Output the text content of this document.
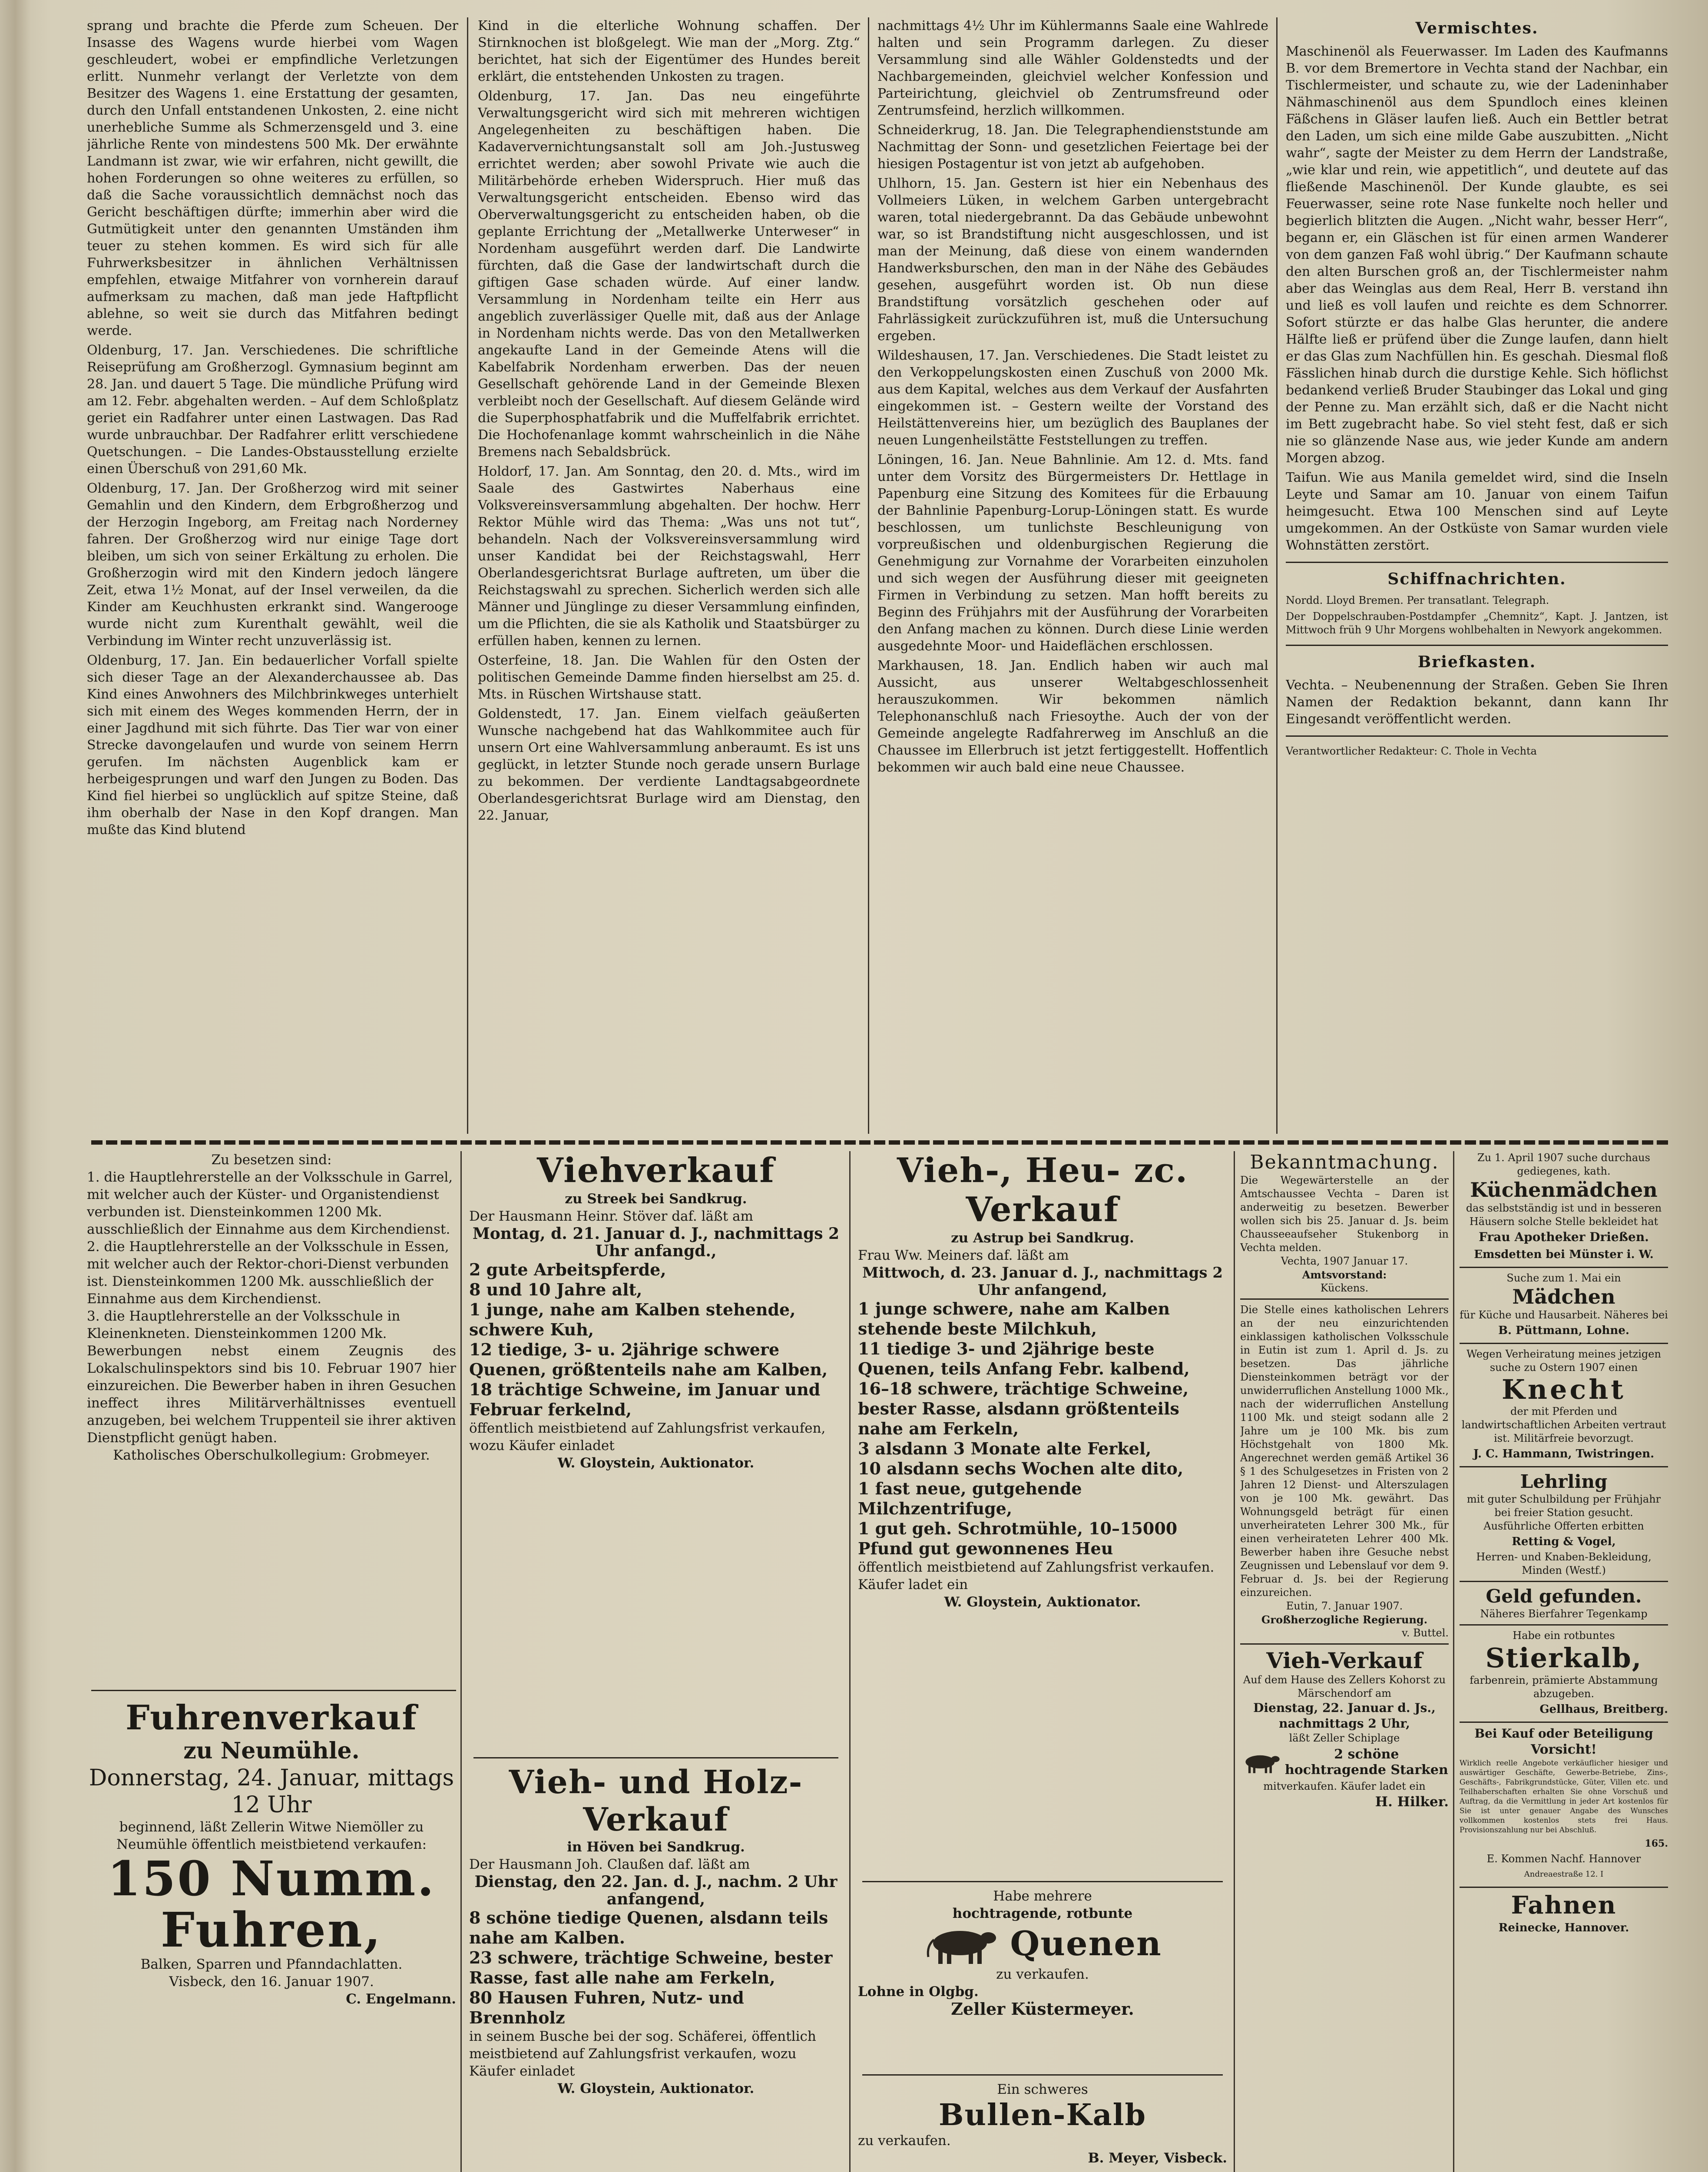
sprang und brachte die Pferde zum Scheuen. Der Insasse des Wagens wurde hierbei vom Wagen geschleudert, wobei er empfindliche Verletzungen erlitt. Nunmehr verlangt der Verletzte von dem Besitzer des Wagens 1. eine Erstattung der gesamten, durch den Unfall entstandenen Unkosten, 2. eine nicht unerhebliche Summe als Schmerzensgeld und 3. eine jährliche Rente von mindestens 500 Mk. Der erwähnte Landmann ist zwar, wie wir erfahren, nicht gewillt, die hohen Forderungen so ohne weiteres zu erfüllen, so daß die Sache voraussichtlich demnächst noch das Gericht beschäftigen dürfte; immerhin aber wird die Gutmütigkeit unter den genannten Umständen ihm teuer zu stehen kommen. Es wird sich für alle Fuhrwerksbesitzer in ähnlichen Verhältnissen empfehlen, etwaige Mitfahrer von vornherein darauf aufmerksam zu machen, daß man jede Haftpflicht ablehne, so weit sie durch das Mitfahren bedingt werde.

Oldenburg, 17. Jan. Verschiedenes. Die schriftliche Reiseprüfung am Großherzogl. Gymnasium beginnt am 28. Jan. und dauert 5 Tage. Die mündliche Prüfung wird am 12. Febr. abgehalten werden. – Auf dem Schloßplatz geriet ein Radfahrer unter einen Lastwagen. Das Rad wurde unbrauchbar. Der Radfahrer erlitt verschiedene Quetschungen. – Die Landes-Obstausstellung erzielte einen Überschuß von 291,60 Mk.

Oldenburg, 17. Jan. Der Großherzog wird mit seiner Gemahlin und den Kindern, dem Erbgroßherzog und der Herzogin Ingeborg, am Freitag nach Norderney fahren. Der Großherzog wird nur einige Tage dort bleiben, um sich von seiner Erkältung zu erholen. Die Großherzogin wird mit den Kindern jedoch längere Zeit, etwa 1½ Monat, auf der Insel verweilen, da die Kinder am Keuchhusten erkrankt sind. Wangerooge wurde nicht zum Kurenthalt gewählt, weil die Verbindung im Winter recht unzuverlässig ist.

Oldenburg, 17. Jan. Ein bedauerlicher Vorfall spielte sich dieser Tage an der Alexanderchaussee ab. Das Kind eines Anwohners des Milchbrinkweges unterhielt sich mit einem des Weges kommenden Herrn, der in einer Jagdhund mit sich führte. Das Tier war von einer Strecke davongelaufen und wurde von seinem Herrn gerufen. Im nächsten Augenblick kam er herbeigesprungen und warf den Jungen zu Boden. Das Kind fiel hierbei so unglücklich auf spitze Steine, daß ihm oberhalb der Nase in den Kopf drangen. Man mußte das Kind blutend

Kind in die elterliche Wohnung schaffen. Der Stirnknochen ist bloßgelegt. Wie man der „Morg. Ztg.“ berichtet, hat sich der Eigentümer des Hundes bereit erklärt, die entstehenden Unkosten zu tragen.

Oldenburg, 17. Jan. Das neu eingeführte Verwaltungsgericht wird sich mit mehreren wichtigen Angelegenheiten zu beschäftigen haben. Die Kadaververnichtungsanstalt soll am Joh.-Justusweg errichtet werden; aber sowohl Private wie auch die Militärbehörde erheben Widerspruch. Hier muß das Verwaltungsgericht entscheiden. Ebenso wird das Oberverwaltungsgericht zu entscheiden haben, ob die geplante Errichtung der „Metallwerke Unterweser“ in Nordenham ausgeführt werden darf. Die Landwirte fürchten, daß die Gase der landwirtschaft durch die giftigen Gase schaden würde. Auf einer landw. Versammlung in Nordenham teilte ein Herr aus angeblich zuverlässiger Quelle mit, daß aus der Anlage in Nordenham nichts werde. Das von den Metallwerken angekaufte Land in der Gemeinde Atens will die Kabelfabrik Nordenham erwerben. Das der neuen Gesellschaft gehörende Land in der Gemeinde Blexen verbleibt noch der Gesellschaft. Auf diesem Gelände wird die Superphosphatfabrik und die Muffelfabrik errichtet. Die Hochofenanlage kommt wahrscheinlich in die Nähe Bremens nach Sebaldsbrück.

Holdorf, 17. Jan. Am Sonntag, den 20. d. Mts., wird im Saale des Gastwirtes Naberhaus eine Volksvereinsversammlung abgehalten. Der hochw. Herr Rektor Mühle wird das Thema: „Was uns not tut“, behandeln. Nach der Volksvereinsversammlung wird unser Kandidat bei der Reichstagswahl, Herr Oberlandesgerichtsrat Burlage auftreten, um über die Reichstagswahl zu sprechen. Sicherlich werden sich alle Männer und Jünglinge zu dieser Versammlung einfinden, um die Pflichten, die sie als Katholik und Staatsbürger zu erfüllen haben, kennen zu lernen.

Osterfeine, 18. Jan. Die Wahlen für den Osten der politischen Gemeinde Damme finden hierselbst am 25. d. Mts. in Rüschen Wirtshause statt.

Goldenstedt, 17. Jan. Einem vielfach geäußerten Wunsche nachgebend hat das Wahlkommitee auch für unsern Ort eine Wahlversammlung anberaumt. Es ist uns geglückt, in letzter Stunde noch gerade unsern Burlage zu bekommen. Der verdiente Landtagsabgeordnete Oberlandesgerichtsrat Burlage wird am Dienstag, den 22. Januar,

nachmittags 4½ Uhr im Kühlermanns Saale eine Wahlrede halten und sein Programm darlegen. Zu dieser Versammlung sind alle Wähler Goldenstedts und der Nachbargemeinden, gleichviel welcher Konfession und Parteirichtung, gleichviel ob Zentrumsfreund oder Zentrumsfeind, herzlich willkommen.

Schneiderkrug, 18. Jan. Die Telegraphendienststunde am Nachmittag der Sonn- und gesetzlichen Feiertage bei der hiesigen Postagentur ist von jetzt ab aufgehoben.

Uhlhorn, 15. Jan. Gestern ist hier ein Nebenhaus des Vollmeiers Lüken, in welchem Garben untergebracht waren, total niedergebrannt. Da das Gebäude unbewohnt war, so ist Brandstiftung nicht ausgeschlossen, und ist man der Meinung, daß diese von einem wandernden Handwerksburschen, den man in der Nähe des Gebäudes gesehen, ausgeführt worden ist. Ob nun diese Brandstiftung vorsätzlich geschehen oder auf Fahrlässigkeit zurückzuführen ist, muß die Untersuchung ergeben.

Wildeshausen, 17. Jan. Verschiedenes. Die Stadt leistet zu den Verkoppelungskosten einen Zuschuß von 2000 Mk. aus dem Kapital, welches aus dem Verkauf der Ausfahrten eingekommen ist. – Gestern weilte der Vorstand des Heilstättenvereins hier, um bezüglich des Bauplanes der neuen Lungenheilstätte Feststellungen zu treffen.

Löningen, 16. Jan. Neue Bahnlinie. Am 12. d. Mts. fand unter dem Vorsitz des Bürgermeisters Dr. Hettlage in Papenburg eine Sitzung des Komitees für die Erbauung der Bahnlinie Papenburg-Lorup-Löningen statt. Es wurde beschlossen, um tunlichste Beschleunigung von vorpreußischen und oldenburgischen Regierung die Genehmigung zur Vornahme der Vorarbeiten einzuholen und sich wegen der Ausführung dieser mit geeigneten Firmen in Verbindung zu setzen. Man hofft bereits zu Beginn des Frühjahrs mit der Ausführung der Vorarbeiten den Anfang machen zu können. Durch diese Linie werden ausgedehnte Moor- und Haideflächen erschlossen.

Markhausen, 18. Jan. Endlich haben wir auch mal Aussicht, aus unserer Weltabgeschlossenheit herauszukommen. Wir bekommen nämlich Telephonanschluß nach Friesoythe. Auch der von der Gemeinde angelegte Radfahrerweg im Anschluß an die Chaussee im Ellerbruch ist jetzt fertiggestellt. Hoffentlich bekommen wir auch bald eine neue Chaussee.

Vermischtes.

Maschinenöl als Feuerwasser. Im Laden des Kaufmanns B. vor dem Bremertore in Vechta stand der Nachbar, ein Tischlermeister, und schaute zu, wie der Ladeninhaber Nähmaschinenöl aus dem Spundloch eines kleinen Fäßchens in Gläser laufen ließ. Auch ein Bettler betrat den Laden, um sich eine milde Gabe auszubitten. „Nicht wahr“, sagte der Meister zu dem Herrn der Landstraße, „wie klar und rein, wie appetitlich“, und deutete auf das fließende Maschinenöl. Der Kunde glaubte, es sei Feuerwasser, seine rote Nase funkelte noch heller und begierlich blitzten die Augen. „Nicht wahr, besser Herr“, begann er, ein Gläschen ist für einen armen Wanderer von dem ganzen Faß wohl übrig.“ Der Kaufmann schaute den alten Burschen groß an, der Tischlermeister nahm aber das Weinglas aus dem Real, Herr B. verstand ihn und ließ es voll laufen und reichte es dem Schnorrer. Sofort stürzte er das halbe Glas herunter, die andere Hälfte ließ er prüfend über die Zunge laufen, dann hielt er das Glas zum Nachfüllen hin. Es geschah. Diesmal floß Fässlichen hinab durch die durstige Kehle. Sich höflichst bedankend verließ Bruder Staubinger das Lokal und ging der Penne zu. Man erzählt sich, daß er die Nacht nicht im Bett zugebracht habe. So viel steht fest, daß er sich nie so glänzende Nase aus, wie jeder Kunde am andern Morgen abzog.

Taifun. Wie aus Manila gemeldet wird, sind die Inseln Leyte und Samar am 10. Januar von einem Taifun heimgesucht. Etwa 100 Menschen sind auf Leyte umgekommen. An der Ostküste von Samar wurden viele Wohnstätten zerstört.

Schiffnachrichten.

Nordd. Lloyd Bremen. Per transatlant. Telegraph.

Der Doppelschrauben-Postdampfer „Chemnitz“, Kapt. J. Jantzen, ist Mittwoch früh 9 Uhr Morgens wohlbehalten in Newyork angekommen.

Briefkasten.

Vechta. – Neubenennung der Straßen. Geben Sie Ihren Namen der Redaktion bekannt, dann kann Ihr Eingesandt veröffentlicht werden.

Verantwortlicher Redakteur: C. Thole in Vechta

Zu besetzen sind:
1. die Hauptlehrerstelle an der Volksschule in Garrel, mit welcher auch der Küster- und Organistendienst verbunden ist. Diensteinkommen 1200 Mk. ausschließlich der Einnahme aus dem Kirchendienst.
2. die Hauptlehrerstelle an der Volksschule in Essen, mit welcher auch der Rektor-chori-Dienst verbunden ist. Diensteinkommen 1200 Mk. ausschließlich der Einnahme aus dem Kirchendienst.
3. die Hauptlehrerstelle an der Volksschule in Kleinenkneten. Diensteinkommen 1200 Mk.
Bewerbungen nebst einem Zeugnis des Lokalschulinspektors sind bis 10. Februar 1907 hier einzureichen. Die Bewerber haben in ihren Gesuchen ineffect ihres Militärverhältnisses eventuell anzugeben, bei welchem Truppenteil sie ihrer aktiven Dienstpflicht genügt haben.
Katholisches Oberschulkollegium: Grobmeyer.
Fuhrenverkauf
zu Neumühle.
Donnerstag, 24. Januar, mittags 12 Uhr
beginnend, läßt Zellerin Witwe Niemöller zu Neumühle öffentlich meistbietend verkaufen:
150 Numm.
Fuhren,
Balken, Sparren und Pfanndachlatten.
Visbeck, den 16. Januar 1907.
C. Engelmann.
Viehverkauf
zu Streek bei Sandkrug.
Der Hausmann Heinr. Stöver daf. läßt am
Montag, d. 21. Januar d. J., nachmittags 2 Uhr anfangd.,
2 gute Arbeitspferde,
8 und 10 Jahre alt,
1 junge, nahe am Kalben stehende, schwere Kuh,
12 tiedige, 3- u. 2jährige schwere Quenen, größtenteils nahe am Kalben,
18 trächtige Schweine, im Januar und Februar ferkelnd,
öffentlich meistbietend auf Zahlungsfrist verkaufen, wozu Käufer einladet
W. Gloystein, Auktionator.
Vieh- und Holz-Verkauf
in Höven bei Sandkrug.
Der Hausmann Joh. Claußen daf. läßt am
Dienstag, den 22. Jan. d. J., nachm. 2 Uhr anfangend,
8 schöne tiedige Quenen, alsdann teils nahe am Kalben.
23 schwere, trächtige Schweine, bester Rasse, fast alle nahe am Ferkeln,
80 Hausen Fuhren, Nutz- und Brennholz
in seinem Busche bei der sog. Schäferei, öffentlich meistbietend auf Zahlungsfrist verkaufen, wozu Käufer einladet
W. Gloystein, Auktionator.
Vieh-, Heu- zc. Verkauf
zu Astrup bei Sandkrug.
Frau Ww. Meiners daf. läßt am
Mittwoch, d. 23. Januar d. J., nachmittags 2 Uhr anfangend,
1 junge schwere, nahe am Kalben stehende beste Milchkuh,
11 tiedige 3- und 2jährige beste Quenen, teils Anfang Febr. kalbend,
16–18 schwere, trächtige Schweine, bester Rasse, alsdann größtenteils nahe am Ferkeln,
3 alsdann 3 Monate alte Ferkel,
10 alsdann sechs Wochen alte dito,
1 fast neue, gutgehende Milchzentrifuge,
1 gut geh. Schrotmühle, 10–15000 Pfund gut gewonnenes Heu
öffentlich meistbietend auf Zahlungsfrist verkaufen. Käufer ladet ein
W. Gloystein, Auktionator.
Habe mehrere
hochtragende, rotbunte
Quenen
zu verkaufen.
Lohne in Olgbg.
Zeller Küstermeyer.
Ein schweres
Bullen-Kalb
zu verkaufen.
B. Meyer, Visbeck.
Bekanntmachung.
Die Wegewärterstelle an der Amtschaussee Vechta – Daren ist anderweitig zu besetzen. Bewerber wollen sich bis 25. Januar d. Js. beim Chausseeaufseher Stukenborg in Vechta melden.
Vechta, 1907 Januar 17.
Amtsvorstand:
Kückens.
Die Stelle eines katholischen Lehrers an der neu einzurichtenden einklassigen katholischen Volksschule in Eutin ist zum 1. April d. Js. zu besetzen. Das jährliche Diensteinkommen beträgt vor der unwiderruflichen Anstellung 1000 Mk., nach der widerruflichen Anstellung 1100 Mk. und steigt sodann alle 2 Jahre um je 100 Mk. bis zum Höchstgehalt von 1800 Mk. Angerechnet werden gemäß Artikel 36 § 1 des Schulgesetzes in Fristen von 2 Jahren 12 Dienst- und Alterszulagen von je 100 Mk. gewährt. Das Wohnungsgeld beträgt für einen unverheirateten Lehrer 300 Mk., für einen verheirateten Lehrer 400 Mk. Bewerber haben ihre Gesuche nebst Zeugnissen und Lebenslauf vor dem 9. Februar d. Js. bei der Regierung einzureichen.
Eutin, 7. Januar 1907.
Großherzogliche Regierung.
v. Buttel.
Vieh-Verkauf
Auf dem Hause des Zellers Kohorst zu Märschendorf am
Dienstag, 22. Januar d. Js., nachmittags 2 Uhr,
läßt Zeller Schiplage
2 schöne hochtragende Starken
mitverkaufen. Käufer ladet ein
H. Hilker.
Zu 1. April 1907 suche durchaus gediegenes, kath.
Küchenmädchen
das selbstständig ist und in besseren Häusern solche Stelle bekleidet hat
Frau Apotheker Drießen.
Emsdetten bei Münster i. W.
Suche zum 1. Mai ein
Mädchen
für Küche und Hausarbeit. Näheres bei
B. Püttmann, Lohne.
Wegen Verheiratung meines jetzigen suche zu Ostern 1907 einen
Knecht
der mit Pferden und landwirtschaftlichen Arbeiten vertraut ist. Militärfreie bevorzugt.
J. C. Hammann, Twistringen.
Lehrling
mit guter Schulbildung per Frühjahr bei freier Station gesucht. Ausführliche Offerten erbitten
Retting & Vogel,
Herren- und Knaben-Bekleidung,
Minden (Westf.)
Geld gefunden.
Näheres Bierfahrer Tegenkamp
Habe ein rotbuntes
Stierkalb,
farbenrein, prämierte Abstammung abzugeben.
Gellhaus, Breitberg.
Bei Kauf oder Beteiligung
Vorsicht!
Wirklich reelle Angebote verkäuflicher hiesiger und auswärtiger Geschäfte, Gewerbe-Betriebe, Zins-, Geschäfts-, Fabrikgrundstücke, Güter, Villen etc. und Teilhaberschaften erhalten Sie ohne Vorschuß und Auftrag, da die Vermittlung in jeder Art kostenlos für Sie ist unter genauer Angabe des Wunsches vollkommen kostenlos stets frei Haus. Provisionszahlung nur bei Abschluß.
165.
E. Kommen Nachf. Hannover
Andreaestraße 12. I
Fahnen
Reinecke, Hannover.
